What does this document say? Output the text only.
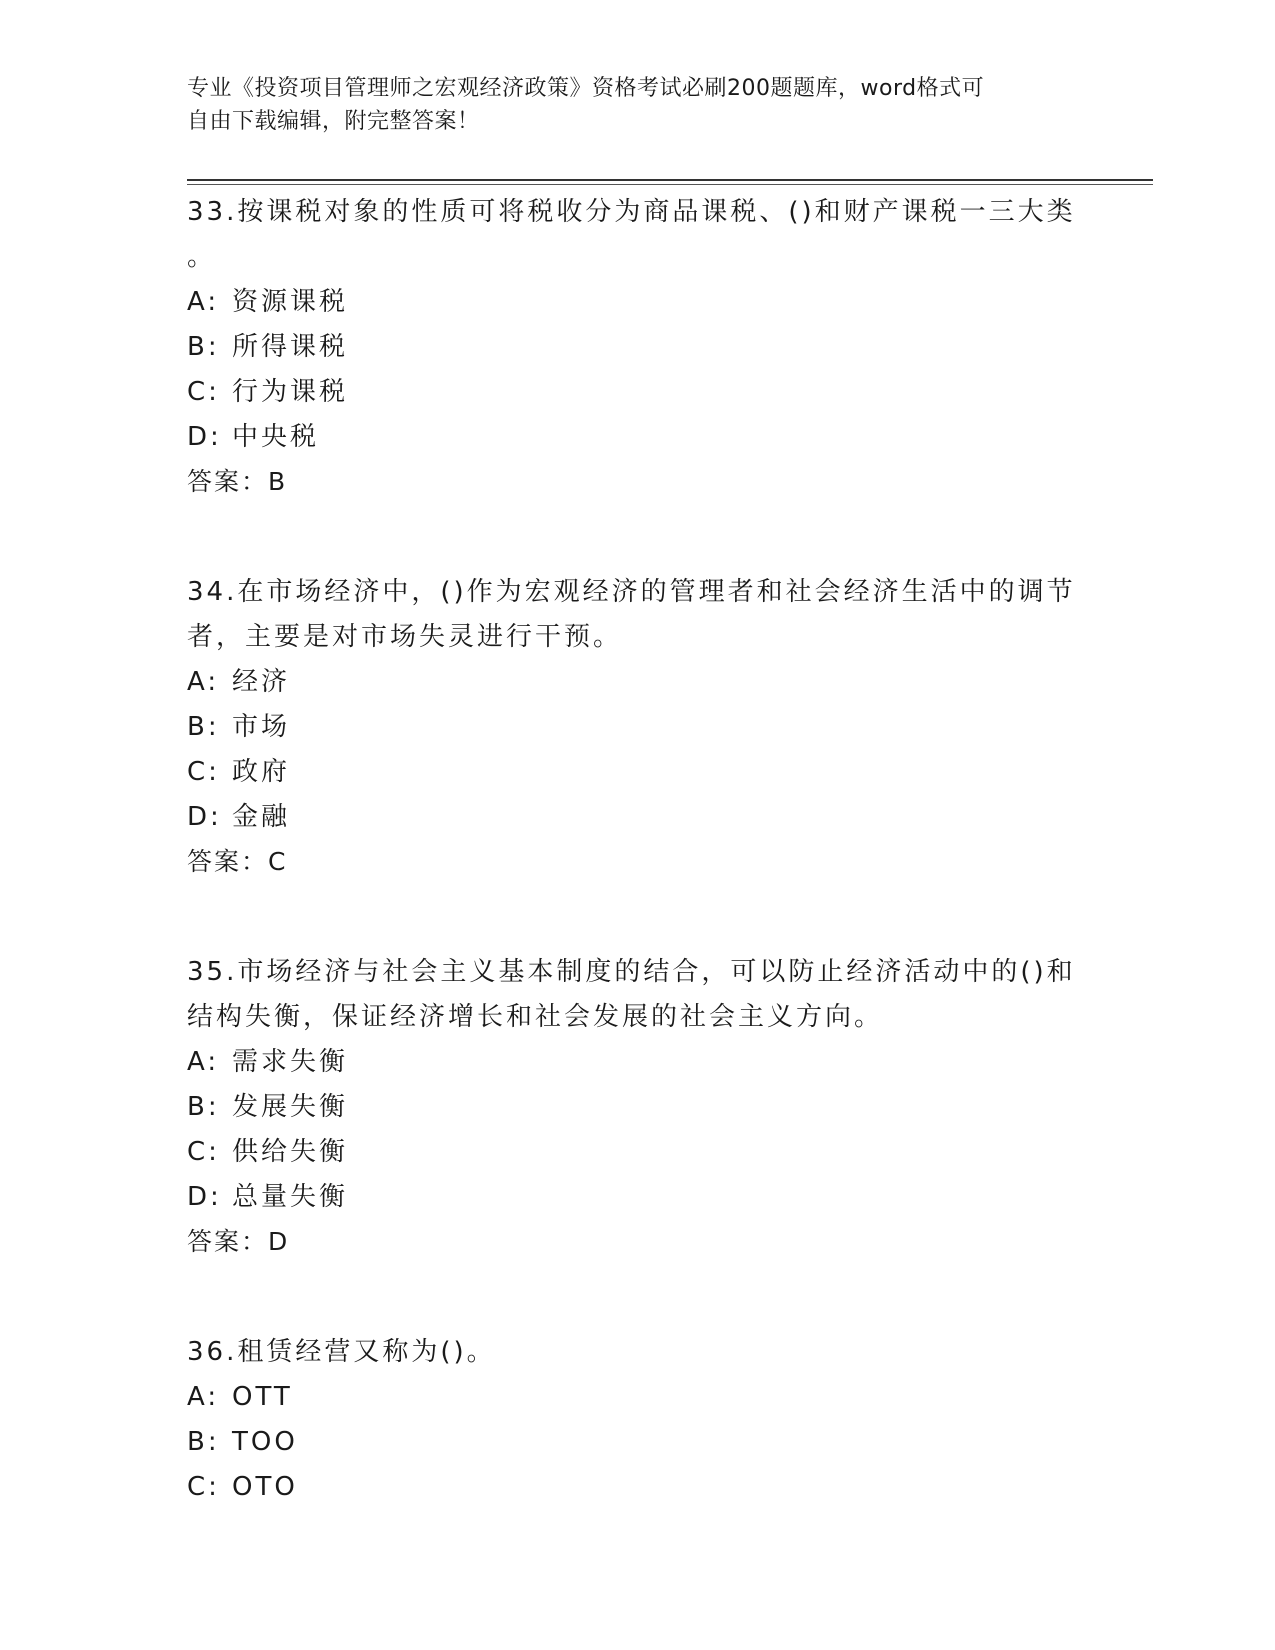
专业《投资项目管理师之宏观经济政策》资格考试必刷200题题库，word格式可
自由下载编辑，附完整答案！
33.按课税对象的性质可将税收分为商品课税、()和财产课税一三大类
。
A: 资源课税
B: 所得课税
C: 行为课税
D: 中央税
答案：B
34.在市场经济中，()作为宏观经济的管理者和社会经济生活中的调节
者，主要是对市场失灵进行干预。
A: 经济
B: 市场
C: 政府
D: 金融
答案：C
35.市场经济与社会主义基本制度的结合，可以防止经济活动中的()和
结构失衡，保证经济增长和社会发展的社会主义方向。
A: 需求失衡
B: 发展失衡
C: 供给失衡
D: 总量失衡
答案：D
36.租赁经营又称为()。
A: OTT
B: TOO
C: OTO
